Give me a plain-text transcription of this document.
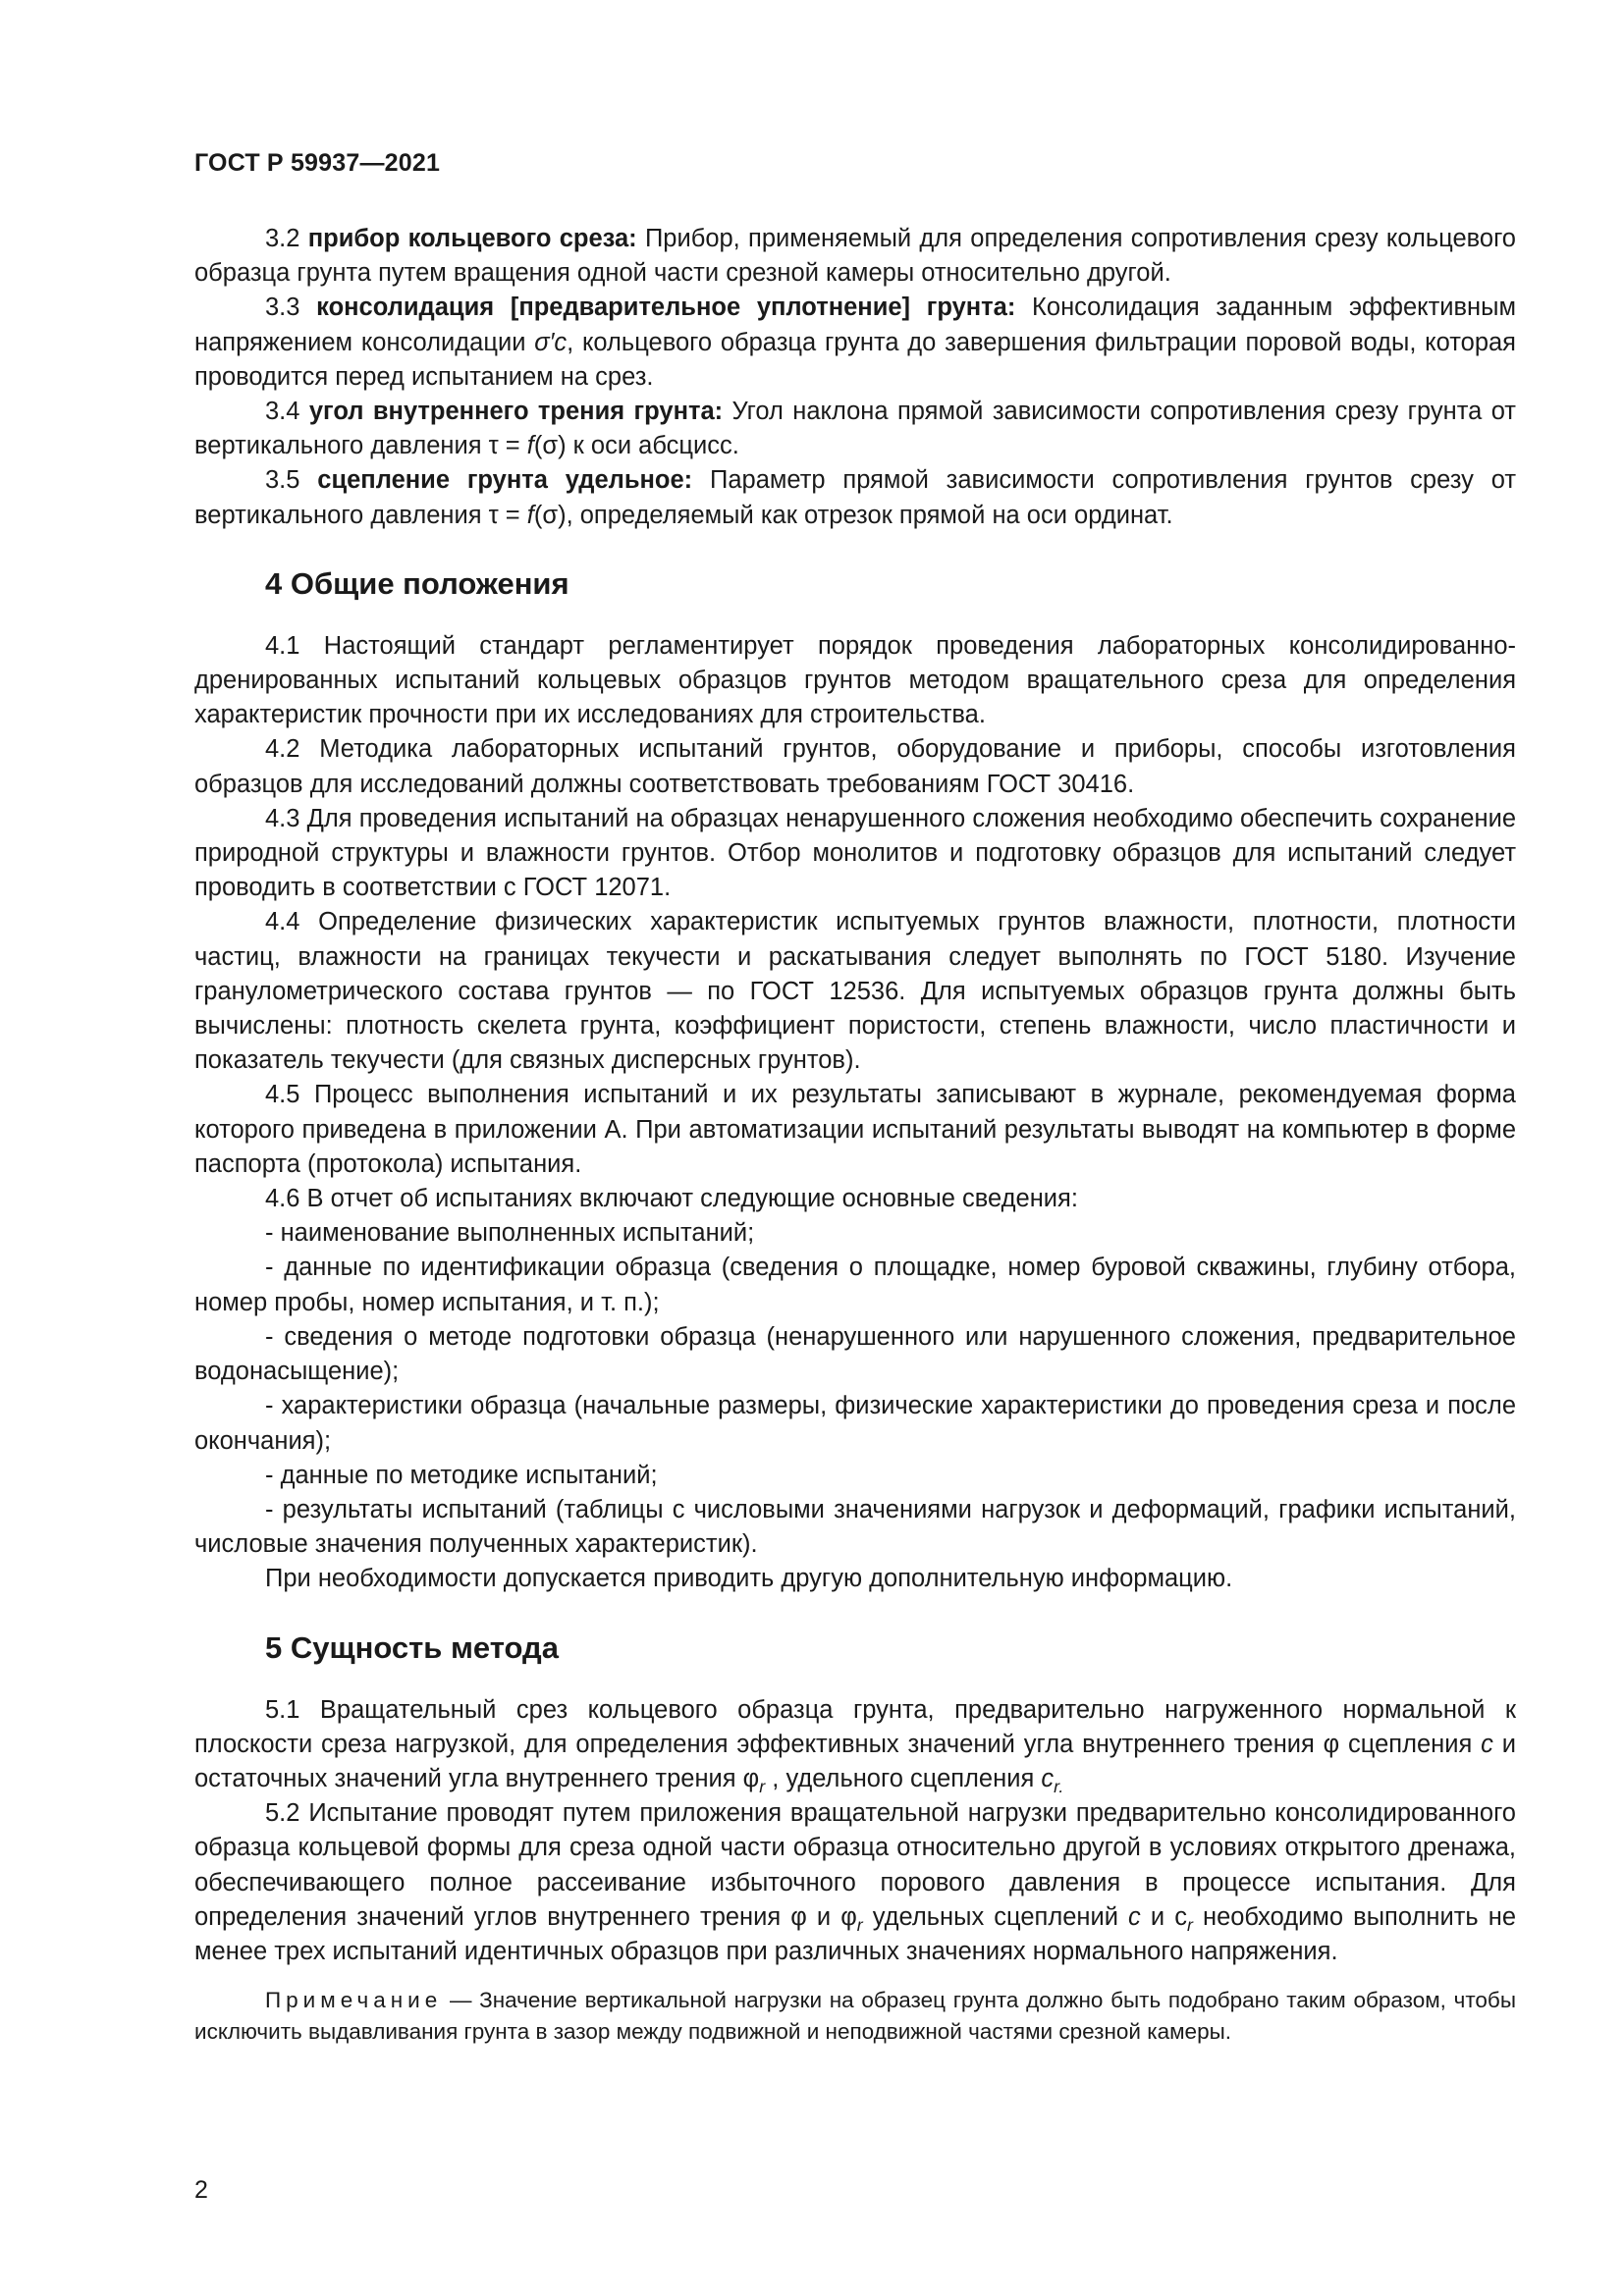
ГОСТ Р 59937—2021

3.2 прибор кольцевого среза: Прибор, применяемый для определения сопротивления срезу кольцевого образца грунта путем вращения одной части срезной камеры относительно другой.

3.3 консолидация [предварительное уплотнение] грунта: Консолидация заданным эффективным напряжением консолидации σ′c, кольцевого образца грунта до завершения фильтрации поровой воды, которая проводится перед испытанием на срез.

3.4 угол внутреннего трения грунта: Угол наклона прямой зависимости сопротивления срезу грунта от вертикального давления τ = f(σ) к оси абсцисс.

3.5 сцепление грунта удельное: Параметр прямой зависимости сопротивления грунтов срезу от вертикального давления τ = f(σ), определяемый как отрезок прямой на оси ординат.

4 Общие положения

4.1 Настоящий стандарт регламентирует порядок проведения лабораторных консолидированно-дренированных испытаний кольцевых образцов грунтов методом вращательного среза для определения характеристик прочности при их исследованиях для строительства.

4.2 Методика лабораторных испытаний грунтов, оборудование и приборы, способы изготовления образцов для исследований должны соответствовать требованиям ГОСТ 30416.

4.3 Для проведения испытаний на образцах ненарушенного сложения необходимо обеспечить сохранение природной структуры и влажности грунтов. Отбор монолитов и подготовку образцов для испытаний следует проводить в соответствии с ГОСТ 12071.

4.4 Определение физических характеристик испытуемых грунтов влажности, плотности, плотности частиц, влажности на границах текучести и раскатывания следует выполнять по ГОСТ 5180. Изучение гранулометрического состава грунтов — по ГОСТ 12536. Для испытуемых образцов грунта должны быть вычислены: плотность скелета грунта, коэффициент пористости, степень влажности, число пластичности и показатель текучести (для связных дисперсных грунтов).

4.5 Процесс выполнения испытаний и их результаты записывают в журнале, рекомендуемая форма которого приведена в приложении А. При автоматизации испытаний результаты выводят на компьютер в форме паспорта (протокола) испытания.

4.6 В отчет об испытаниях включают следующие основные сведения:

- наименование выполненных испытаний;

- данные по идентификации образца (сведения о площадке, номер буровой скважины, глубину отбора, номер пробы, номер испытания, и т. п.);

- сведения о методе подготовки образца (ненарушенного или нарушенного сложения, предварительное водонасыщение);

- характеристики образца (начальные размеры, физические характеристики до проведения среза и после окончания);

- данные по методике испытаний;

- результаты испытаний (таблицы с числовыми значениями нагрузок и деформаций, графики испытаний, числовые значения полученных характеристик).

При необходимости допускается приводить другую дополнительную информацию.

5 Сущность метода

5.1 Вращательный срез кольцевого образца грунта, предварительно нагруженного нормальной к плоскости среза нагрузкой, для определения эффективных значений угла внутреннего трения φ сцепления c и остаточных значений угла внутреннего трения $\varphi_r$ , удельного сцепления $c_{r.}$

5.2 Испытание проводят путем приложения вращательной нагрузки предварительно консолидированного образца кольцевой формы для среза одной части образца относительно другой в условиях открытого дренажа, обеспечивающего полное рассеивание избыточного порового давления в процессе испытания. Для определения значений углов внутреннего трения φ и $\varphi_r$ удельных сцеплений c и $c_r$ необходимо выполнить не менее трех испытаний идентичных образцов при различных значениях нормального напряжения.

Примечание — Значение вертикальной нагрузки на образец грунта должно быть подобрано таким образом, чтобы исключить выдавливания грунта в зазор между подвижной и неподвижной частями срезной камеры.

2
